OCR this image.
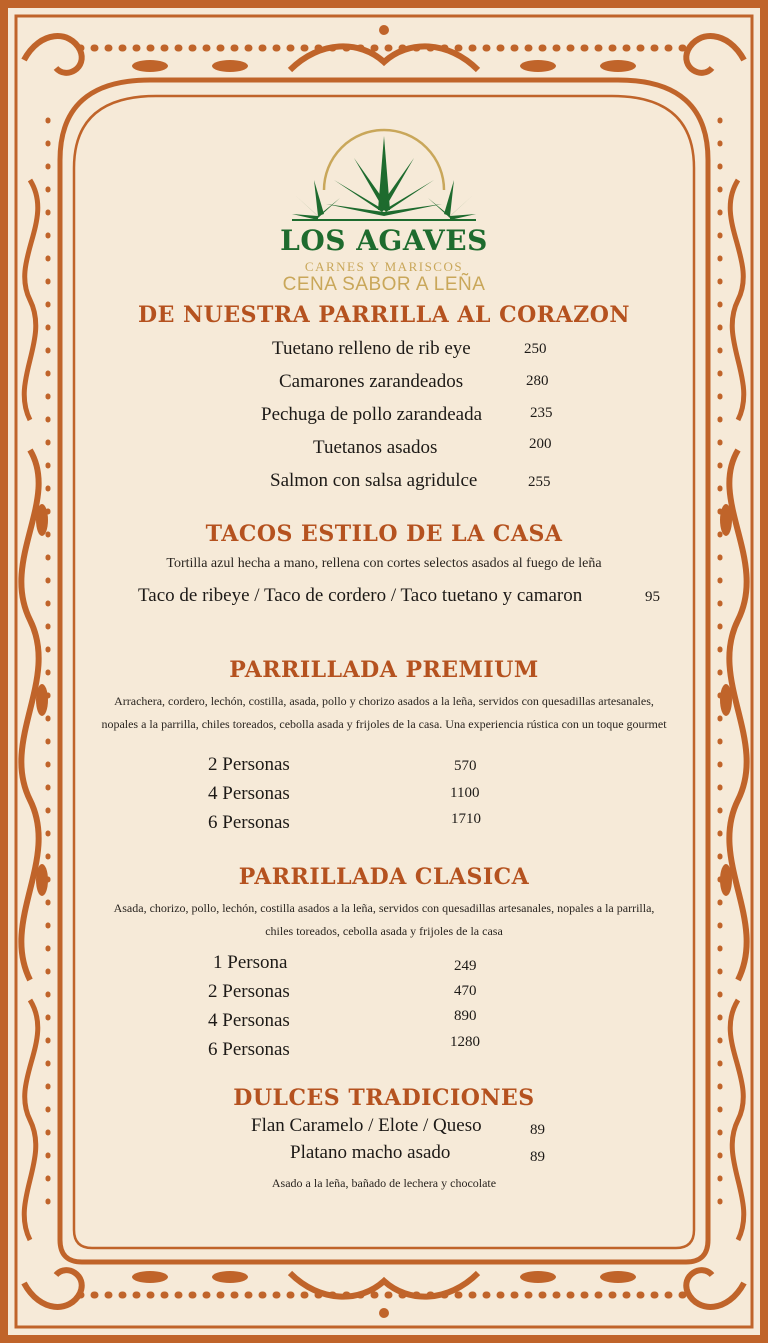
LOS AGAVES
CARNES Y MARISCOS
CENA SABOR A LEÑA
DE NUESTRA PARRILLA AL CORAZON
Tuetano relleno de rib eye	250
Camarones zarandeados	280
Pechuga de pollo zarandeada	235
Tuetanos asados	200
Salmon con salsa agridulce	255
TACOS ESTILO DE LA CASA
Tortilla azul hecha a mano, rellena con cortes selectos asados al fuego de leña
Taco de ribeye / Taco de cordero / Taco tuetano y camaron	95
PARRILLADA PREMIUM
Arrachera, cordero, lechón, costilla, asada, pollo y chorizo asados a la leña, servidos con quesadillas artesanales,
nopales a la parrilla, chiles toreados, cebolla asada y frijoles de la casa. Una experiencia rústica con un toque gourmet
2 Personas	570
4 Personas	1100
6 Personas	1710
PARRILLADA CLASICA
Asada, chorizo, pollo, lechón, costilla asados a la leña, servidos con quesadillas artesanales, nopales a la parrilla,
chiles toreados, cebolla asada y frijoles de la casa
1 Persona	249
2 Personas	470
4 Personas	890
6 Personas	1280
DULCES TRADICIONES
Flan Caramelo / Elote / Queso	89
Platano macho asado	89
Asado a la leña, bañado de lechera y chocolate
